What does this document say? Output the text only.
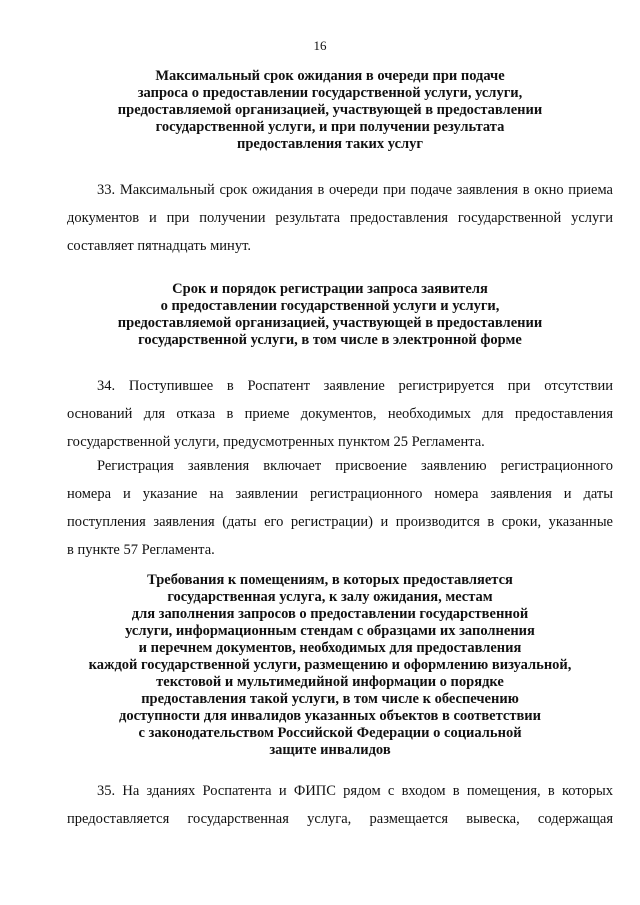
16
Максимальный срок ожидания в очереди при подаче
запроса о предоставлении государственной услуги, услуги,
предоставляемой организацией, участвующей в предоставлении
государственной услуги, и при получении результата
предоставления таких услуг
33. Максимальный срок ожидания в очереди при подаче заявления в окно приема
документов и при получении результата предоставления государственной услуги
составляет пятнадцать минут.
Срок и порядок регистрации запроса заявителя
о предоставлении государственной услуги и услуги,
предоставляемой организацией, участвующей в предоставлении
государственной услуги, в том числе в электронной форме
34. Поступившее в Роспатент заявление регистрируется при отсутствии
оснований для отказа в приеме документов, необходимых для предоставления
государственной услуги, предусмотренных пунктом 25 Регламента.
Регистрация заявления включает присвоение заявлению регистрационного
номера и указание на заявлении регистрационного номера заявления и даты
поступления заявления (даты его регистрации) и производится в сроки, указанные
в пункте 57 Регламента.
Требования к помещениям, в которых предоставляется
государственная услуга, к залу ожидания, местам
для заполнения запросов о предоставлении государственной
услуги, информационным стендам с образцами их заполнения
и перечнем документов, необходимых для предоставления
каждой государственной услуги, размещению и оформлению визуальной,
текстовой и мультимедийной информации о порядке
предоставления такой услуги, в том числе к обеспечению
доступности для инвалидов указанных объектов в соответствии
с законодательством Российской Федерации о социальной
защите инвалидов
35. На зданиях Роспатента и ФИПС рядом с входом в помещения, в которых
предоставляется государственная услуга, размещается вывеска, содержащая
